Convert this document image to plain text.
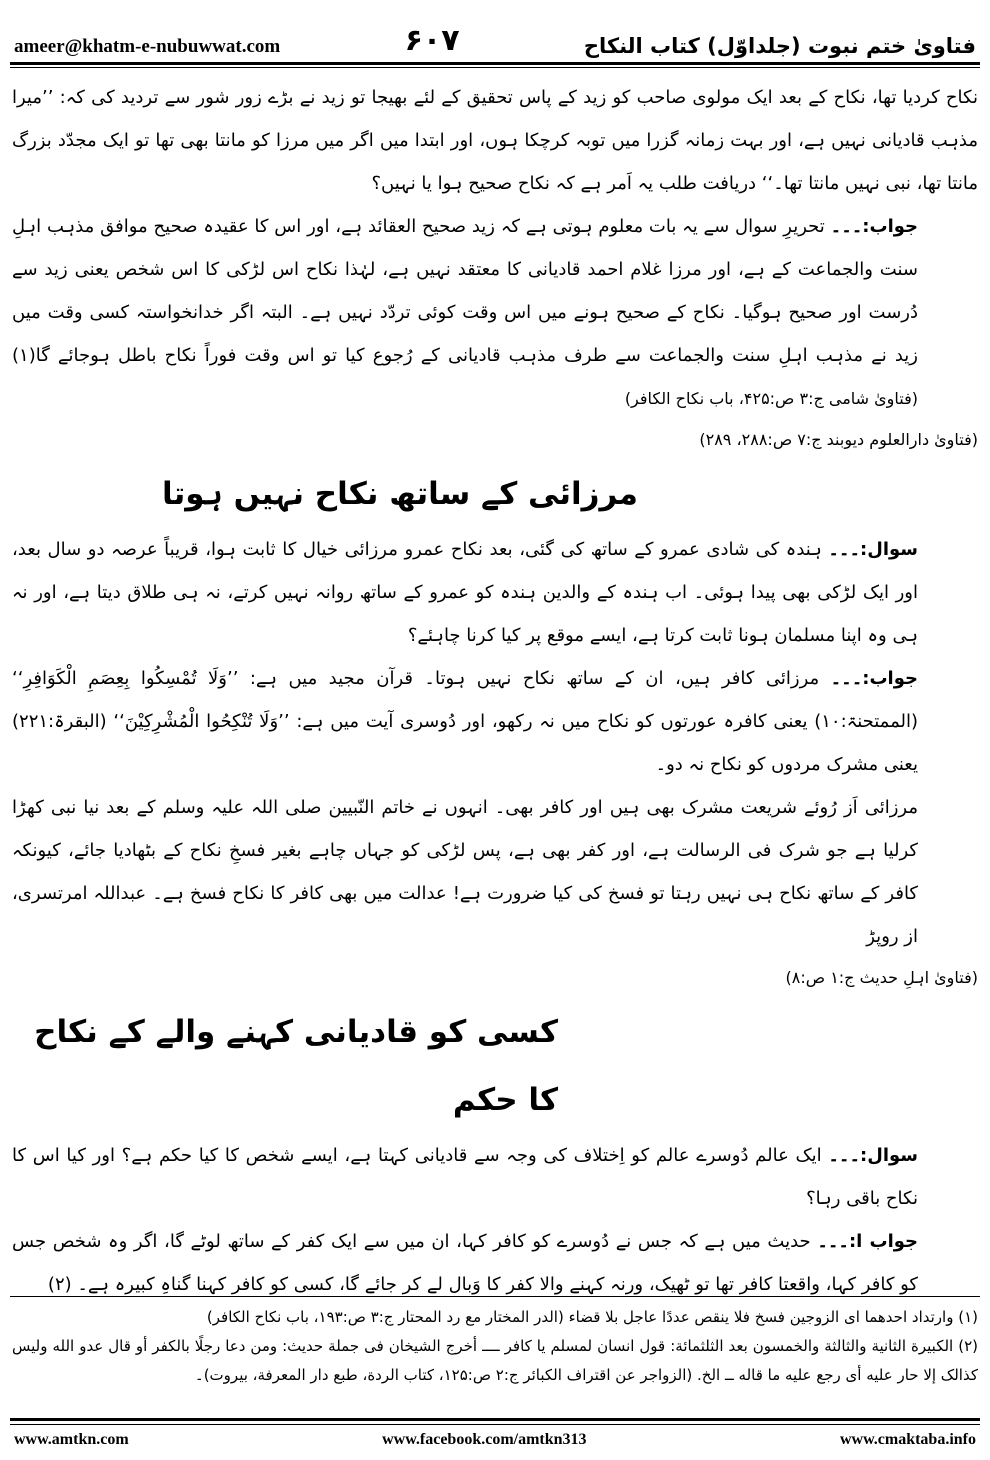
ameer@khatm-e-nubuwwat.com	۶۰۷	فتاویٰ ختم نبوت (جلداوّل) کتاب النکاح

نکاح کردیا تھا، نکاح کے بعد ایک مولوی صاحب کو زید کے پاس تحقیق کے لئے بھیجا تو زید نے بڑے زور شور سے تردید کی کہ: ’’میرا مذہب قادیانی نہیں ہے، اور بہت زمانہ گزرا میں توبہ کرچکا ہوں، اور ابتدا میں اگر میں مرزا کو مانتا بھی تھا تو ایک مجدّد بزرگ مانتا تھا، نبی نہیں مانتا تھا۔‘‘ دریافت طلب یہ اَمر ہے کہ نکاح صحیح ہوا یا نہیں؟

جواب:۔۔۔ تحریرِ سوال سے یہ بات معلوم ہوتی ہے کہ زید صحیح العقائد ہے، اور اس کا عقیدہ صحیح موافق مذہب اہلِ سنت والجماعت کے ہے، اور مرزا غلام احمد قادیانی کا معتقد نہیں ہے، لہٰذا نکاح اس لڑکی کا اس شخص یعنی زید سے دُرست اور صحیح ہوگیا۔ نکاح کے صحیح ہونے میں اس وقت کوئی تردّد نہیں ہے۔ البتہ اگر خدانخواستہ کسی وقت میں زید نے مذہب اہلِ سنت والجماعت سے طرف مذہب قادیانی کے رُجوع کیا تو اس وقت فوراً نکاح باطل ہوجائے گا(۱) (فتاویٰ شامی ج:۳ ص:۴۲۵، باب نکاح الکافر)

(فتاویٰ دارالعلوم دیوبند ج:۷ ص:۲۸۸، ۲۸۹)

مرزائی کے ساتھ نکاح نہیں ہوتا

سوال:۔۔۔ ہندہ کی شادی عمرو کے ساتھ کی گئی، بعد نکاح عمرو مرزائی خیال کا ثابت ہوا، قریباً عرصہ دو سال بعد، اور ایک لڑکی بھی پیدا ہوئی۔ اب ہندہ کے والدین ہندہ کو عمرو کے ساتھ روانہ نہیں کرتے، نہ ہی طلاق دیتا ہے، اور نہ ہی وہ اپنا مسلمان ہونا ثابت کرتا ہے، ایسے موقع پر کیا کرنا چاہئے؟

جواب:۔۔۔ مرزائی کافر ہیں، ان کے ساتھ نکاح نہیں ہوتا۔ قرآن مجید میں ہے: ’’وَلَا تُمْسِكُوا بِعِصَمِ الْكَوَافِرِ‘‘ (الممتحنۃ:۱۰) یعنی کافرہ عورتوں کو نکاح میں نہ رکھو، اور دُوسری آیت میں ہے: ’’وَلَا تُنْكِحُوا الْمُشْرِكِيْنَ‘‘ (البقرۃ:۲۲۱) یعنی مشرک مردوں کو نکاح نہ دو۔

مرزائی اَز رُوئے شریعت مشرک بھی ہیں اور کافر بھی۔ انہوں نے خاتم النّبیین صلی اللہ علیہ وسلم کے بعد نیا نبی کھڑا کرلیا ہے جو شرک فی الرسالت ہے، اور کفر بھی ہے، پس لڑکی کو جہاں چاہے بغیر فسخِ نکاح کے بٹھادیا جائے، کیونکہ کافر کے ساتھ نکاح ہی نہیں رہتا تو فسخ کی کیا ضرورت ہے! عدالت میں بھی کافر کا نکاح فسخ ہے۔ عبداللہ امرتسری، از روپڑ

(فتاویٰ اہلِ حدیث ج:۱ ص:۸)

کسی کو قادیانی کہنے والے کے نکاح کا حکم

سوال:۔۔۔ ایک عالم دُوسرے عالم کو اِختلاف کی وجہ سے قادیانی کہتا ہے، ایسے شخص کا کیا حکم ہے؟ اور کیا اس کا نکاح باقی رہا؟

جواب ا:۔۔۔ حدیث میں ہے کہ جس نے دُوسرے کو کافر کہا، ان میں سے ایک کفر کے ساتھ لوٹے گا، اگر وہ شخص جس کو کافر کہا، واقعتا کافر تھا تو ٹھیک، ورنہ کہنے والا کفر کا وَبال لے کر جائے گا، کسی کو کافر کہنا گناہِ کبیرہ ہے۔ (۲)

(۱) وارتداد احدهما ای الزوجین فسخ فلا ینقص عددًا عاجل بلا قضاء (الدر المختار مع رد المحتار ج:۳ ص:۱۹۳، باب نکاح الکافر)

(۲) الکبیرة الثانیة والثالثة والخمسون بعد الثلثمائة: قول انسان لمسلم یا کافر ــــ أخرج الشیخان فی جملة حدیث: ومن دعا رجلًا بالکفر أو قال عدو الله ولیس کذالک إلا حار علیه أی رجع علیه ما قاله ــ الخ. (الزواجر عن اقتراف الکبائر ج:۲ ص:۱۲۵، کتاب الردة، طبع دار المعرفة، بیروت)۔

www.amtkn.com	www.facebook.com/amtkn313	www.cmaktaba.info
